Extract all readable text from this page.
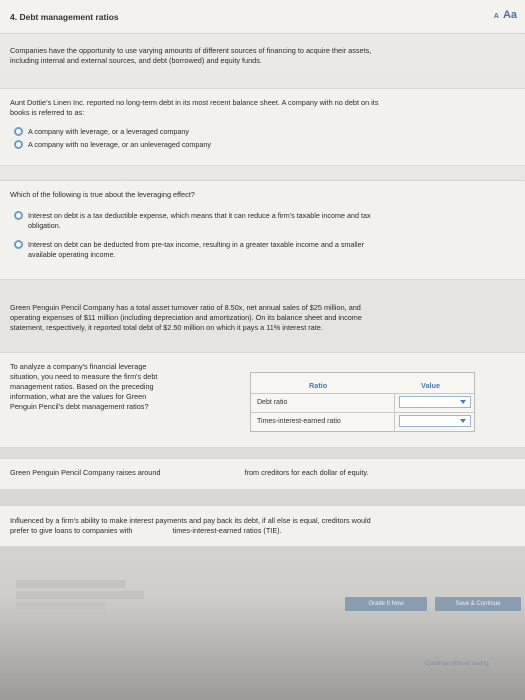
4. Debt management ratios	A Aa
Companies have the opportunity to use varying amounts of different sources of financing to acquire their assets,
including internal and external sources, and debt (borrowed) and equity funds.
Aunt Dottie's Linen Inc. reported no long-term debt in its most recent balance sheet. A company with no debt on its
books is referred to as:
A company with leverage, or a leveraged company
A company with no leverage, or an unleveraged company
Which of the following is true about the leveraging effect?
Interest on debt is a tax deductible expense, which means that it can reduce a firm's taxable income and tax
obligation.
Interest on debt can be deducted from pre-tax income, resulting in a greater taxable income and a smaller
available operating income.
Green Penguin Pencil Company has a total asset turnover ratio of 8.50x, net annual sales of $25 million, and
operating expenses of $11 million (including depreciation and amortization). On its balance sheet and income
statement, respectively, it reported total debt of $2.50 million on which it pays a 11% interest rate.
To analyze a company's financial leverage
situation, you need to measure the firm's debt
management ratios. Based on the preceding
information, what are the values for Green
Penguin Pencil's debt management ratios?
Ratio	Value
Debt ratio
Times-interest-earned ratio
Green Penguin Pencil Company raises around	from creditors for each dollar of equity.
Influenced by a firm's ability to make interest payments and pay back its debt, if all else is equal, creditors would
prefer to give loans to companies with	times-interest-earned ratios (TIE).
Grade It Now	Save & Continue
Continue without saving
